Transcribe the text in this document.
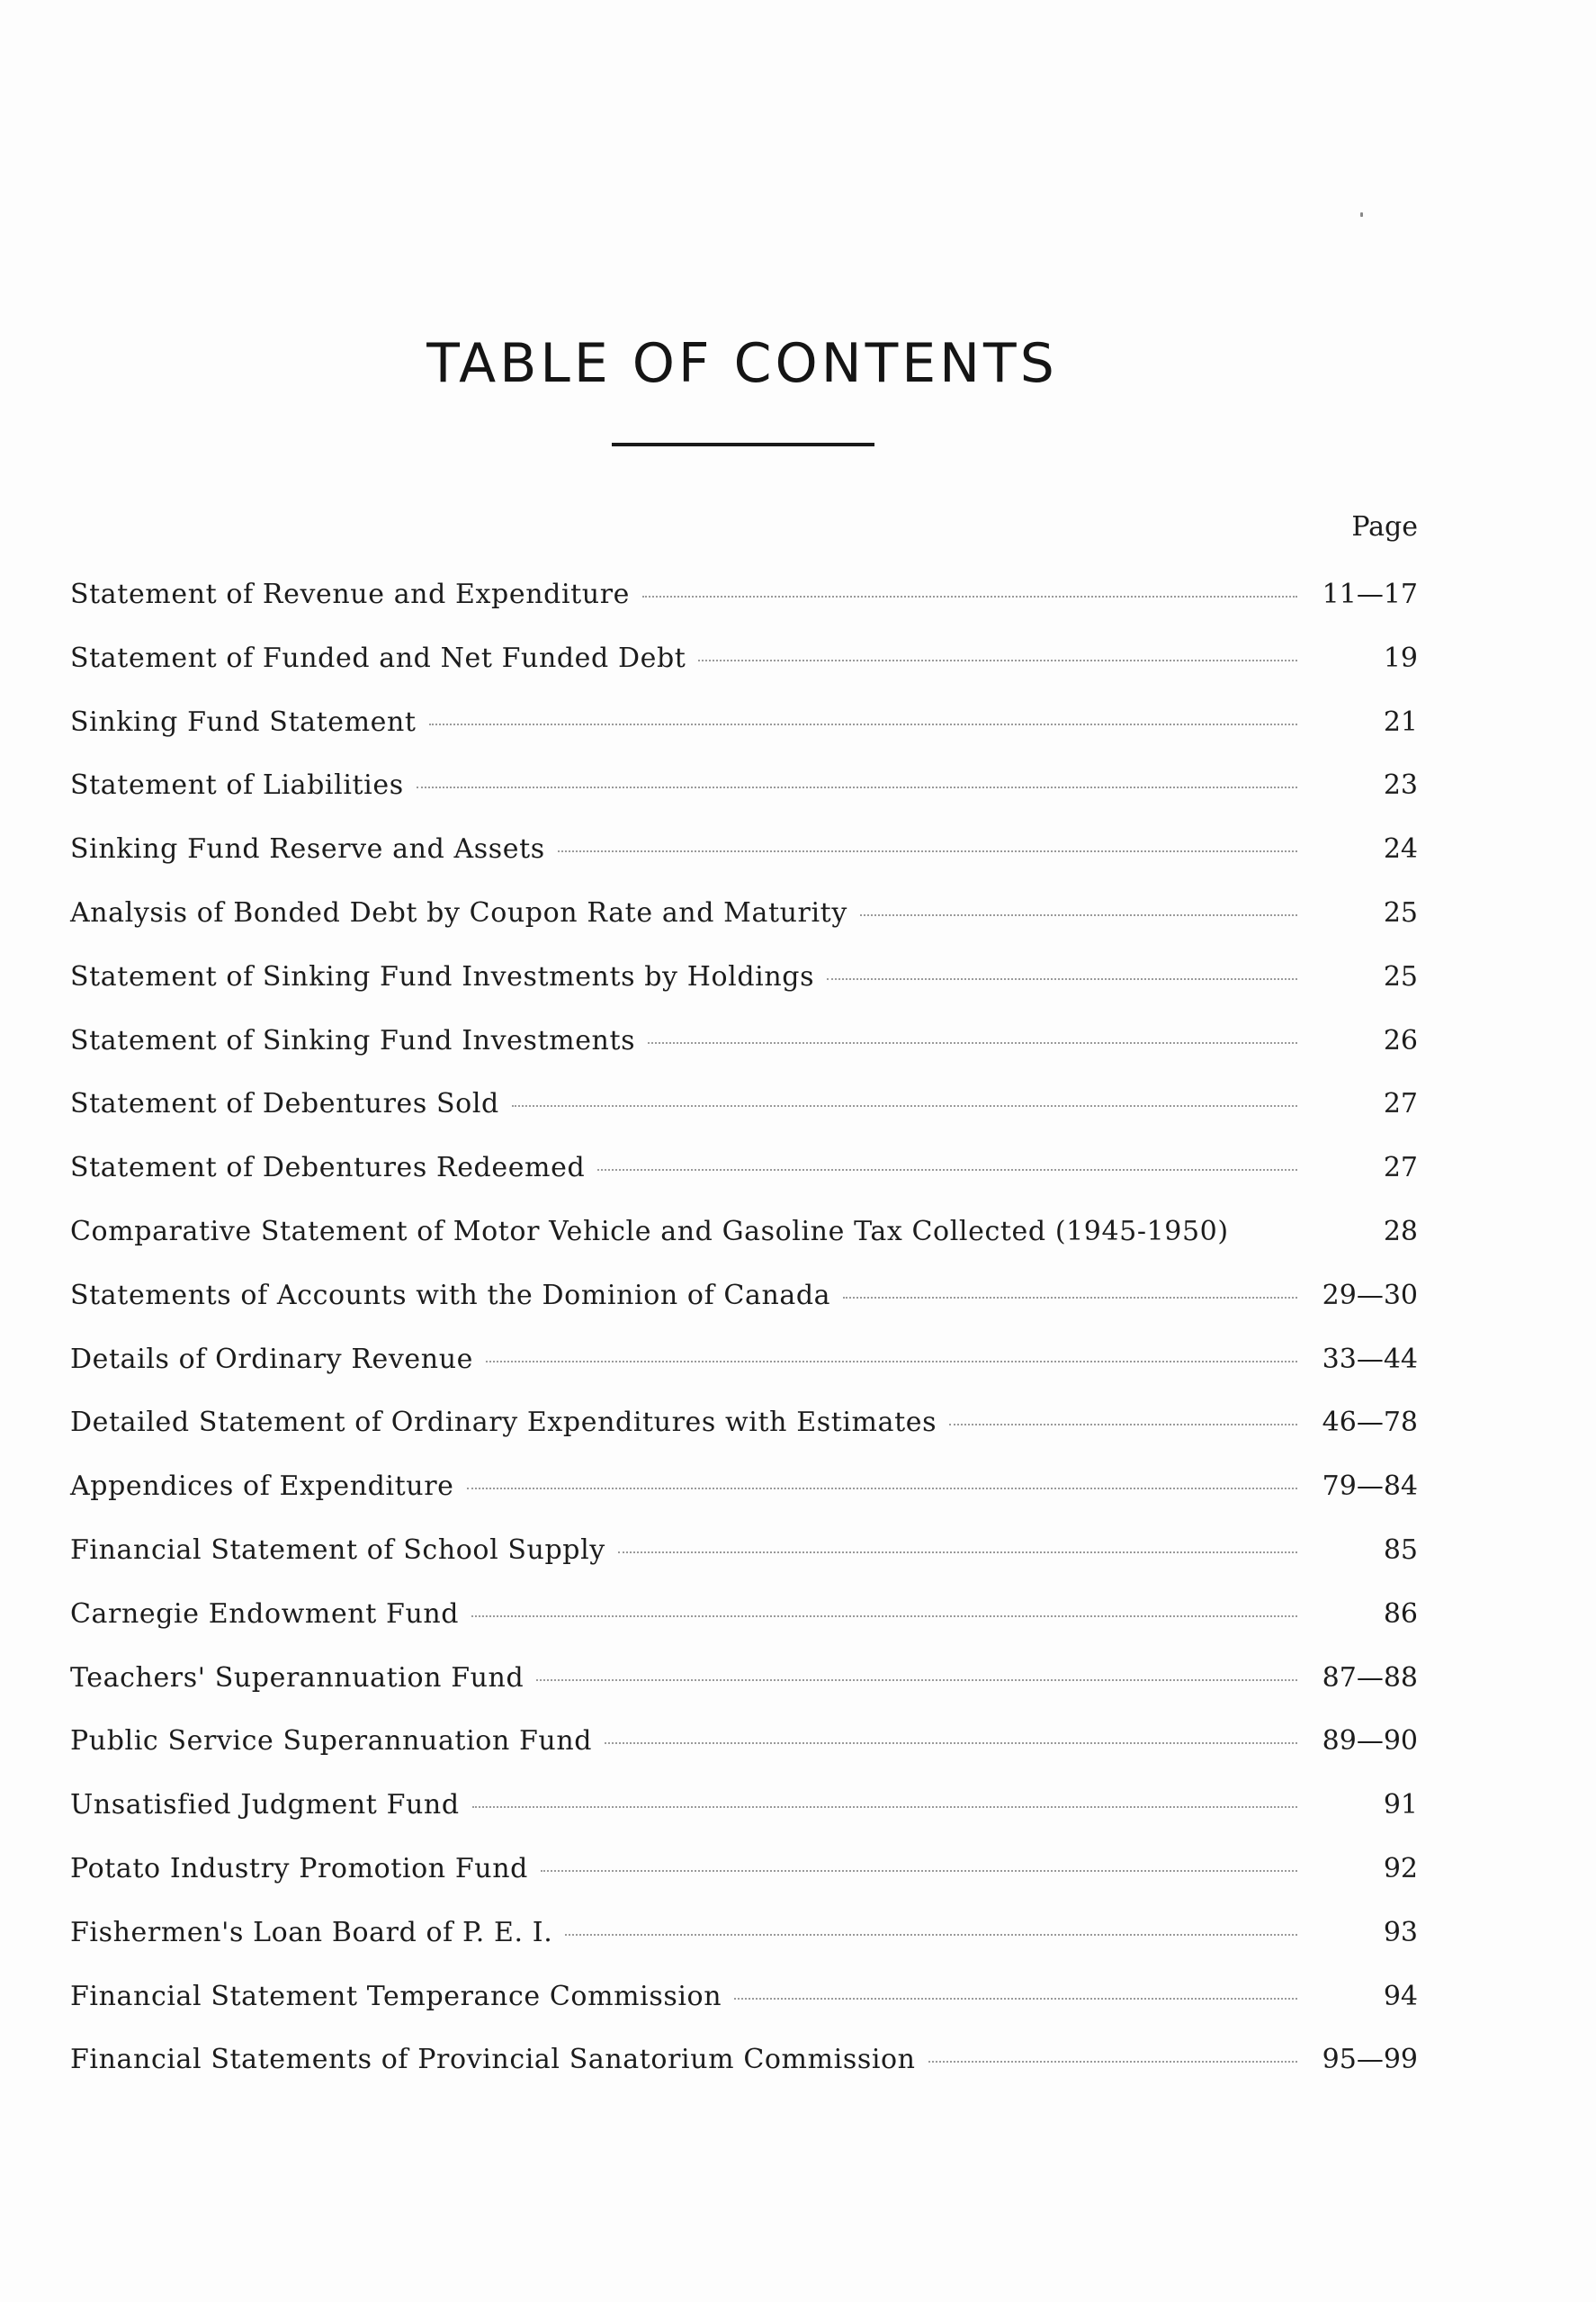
TABLE OF CONTENTS
Page
Statement of Revenue and Expenditure	11—17
Statement of Funded and Net Funded Debt	19
Sinking Fund Statement	21
Statement of Liabilities	23
Sinking Fund Reserve and Assets	24
Analysis of Bonded Debt by Coupon Rate and Maturity	25
Statement of Sinking Fund Investments by Holdings	25
Statement of Sinking Fund Investments	26
Statement of Debentures Sold	27
Statement of Debentures Redeemed	27
Comparative Statement of Motor Vehicle and Gasoline Tax Collected (1945-1950)	28
Statements of Accounts with the Dominion of Canada	29—30
Details of Ordinary Revenue	33—44
Detailed Statement of Ordinary Expenditures with Estimates	46—78
Appendices of Expenditure	79—84
Financial Statement of School Supply	85
Carnegie Endowment Fund	86
Teachers' Superannuation Fund	87—88
Public Service Superannuation Fund	89—90
Unsatisfied Judgment Fund	91
Potato Industry Promotion Fund	92
Fishermen's Loan Board of P. E. I.	93
Financial Statement Temperance Commission	94
Financial Statements of Provincial Sanatorium Commission	95—99
